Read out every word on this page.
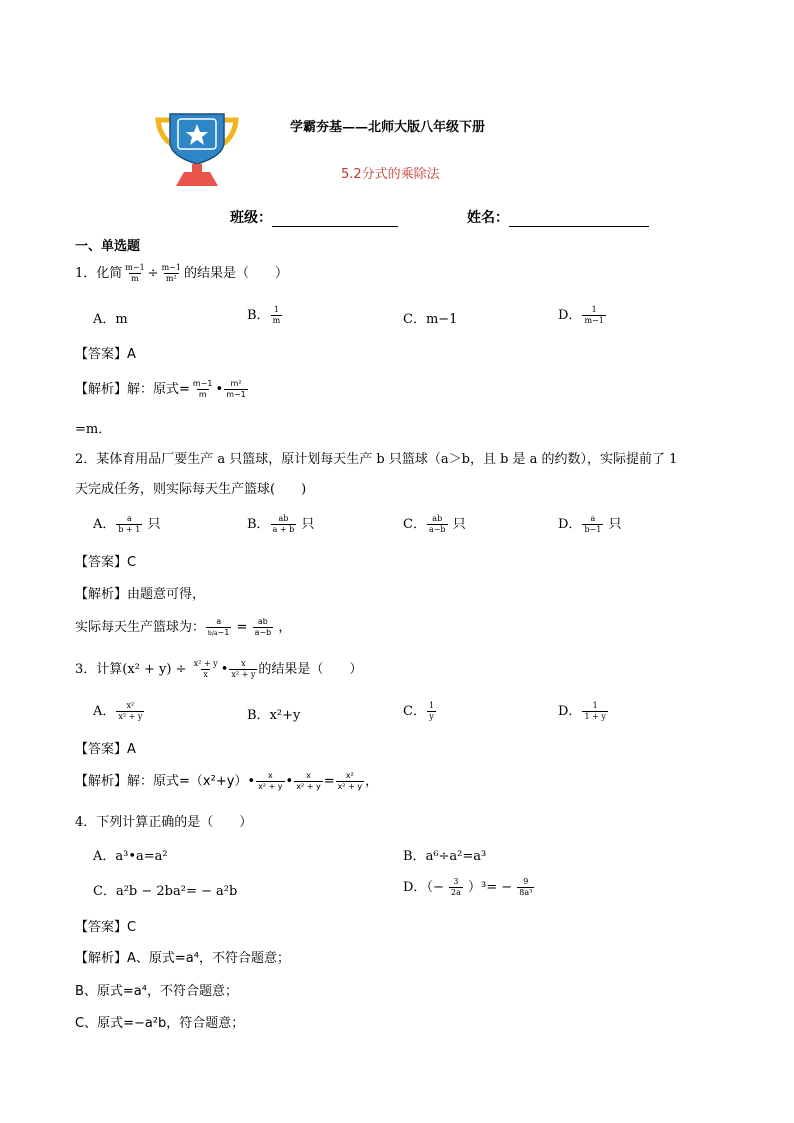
学霸夯基——北师大版八年级下册
5.2分式的乘除法
班级：	姓名：
一、单选题
1．化简 $\frac{m-1}{m} \div \frac{m-1}{\text{m²}}$ 的结果是（　　）
A．m	B． $\frac{1}{m}$	C．m−1	D． $\frac{1}{m-1}$
【答案】A
【解析】解：原式= $\frac{m-1}{m}$ • $\frac{\text{m²}}{m-1}$
=m．
2．某体育用品厂要生产 a 只篮球，原计划每天生产 b 只篮球（a＞b，且 b 是 a 的约数），实际提前了 1
天完成任务，则实际每天生产篮球(　　)
A． $\frac{a}{b + 1}$ 只	B． $\frac{ab}{a + b}$ 只	C． $\frac{ab}{a-b}$ 只	D． $\frac{a}{b-1}$ 只
【答案】C
【解析】由题意可得，
实际每天生产篮球为： $\frac{a}{b/a-1} = \frac{ab}{a-b}$ ，
3．计算$(x^2 + y) \div \frac{\text{x² + y}}{x}$ • $\frac{x}{\text{x² + y}}$ 的结果是（　　）
A． $\frac{\text{x²}}{\text{x² + y}}$	B．x²+y	C． $\frac{1}{y}$	D． $\frac{1}{1 + y}$
【答案】A
【解析】解：原式=（x²+y）• $\frac{x}{\text{x² + y}}$ • $\frac{x}{\text{x² + y}} = \frac{\text{x²}}{\text{x² + y}}$ ，
4．下列计算正确的是（　　）
A．a³•a=a²	B．a⁶÷a²=a³
C．a²b − 2ba²= − a²b	D．（− $\frac{3}{2a} )^3= - \frac{9}{\text{8a³}}$
【答案】C
【解析】A、原式=a⁴，不符合题意；
B、原式=a⁴，不符合题意；
C、原式=−a²b，符合题意；
